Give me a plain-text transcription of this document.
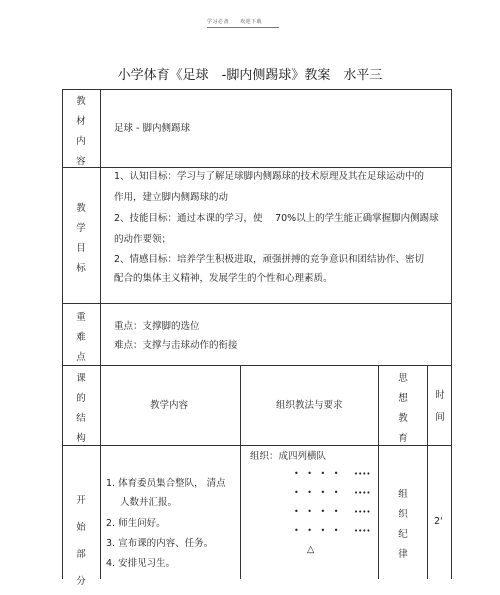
学习必备　　欢迎下载
小学体育《足球　-脚内侧踢球》教案　水平三
教
材
内
容
足球 - 脚内侧踢球
教
学
目
标
1、认知目标：学习与了解足球脚内侧踢球的技术原理及其在足球运动中的
作用，建立脚内侧踢球的动
2、技能目标：通过本课的学习，使　 70%以上的学生能正确掌握脚内侧踢球
的动作要领；
2、情感目标：培养学生积极进取，顽强拼搏的竞争意识和团结协作、密切
配合的集体主义精神，发展学生的个性和心理素质。
重
难
点
重点：支撑脚的选位
难点：支撑与击球动作的衔接
课
的
结
构
教学内容	组织教法与要求
思
想
教
育
时
间
开
始
部
分
1. 体育委员集合整队， 清点
人数并汇报。
2. 师生问好。
3. 宣布课的内容、任务。
4. 安排见习生。
组织：成四列横队
• • • • ••••
• • • • ••••
• • • • ••••
• • • • ••••
△
组
织
纪
律
2'
